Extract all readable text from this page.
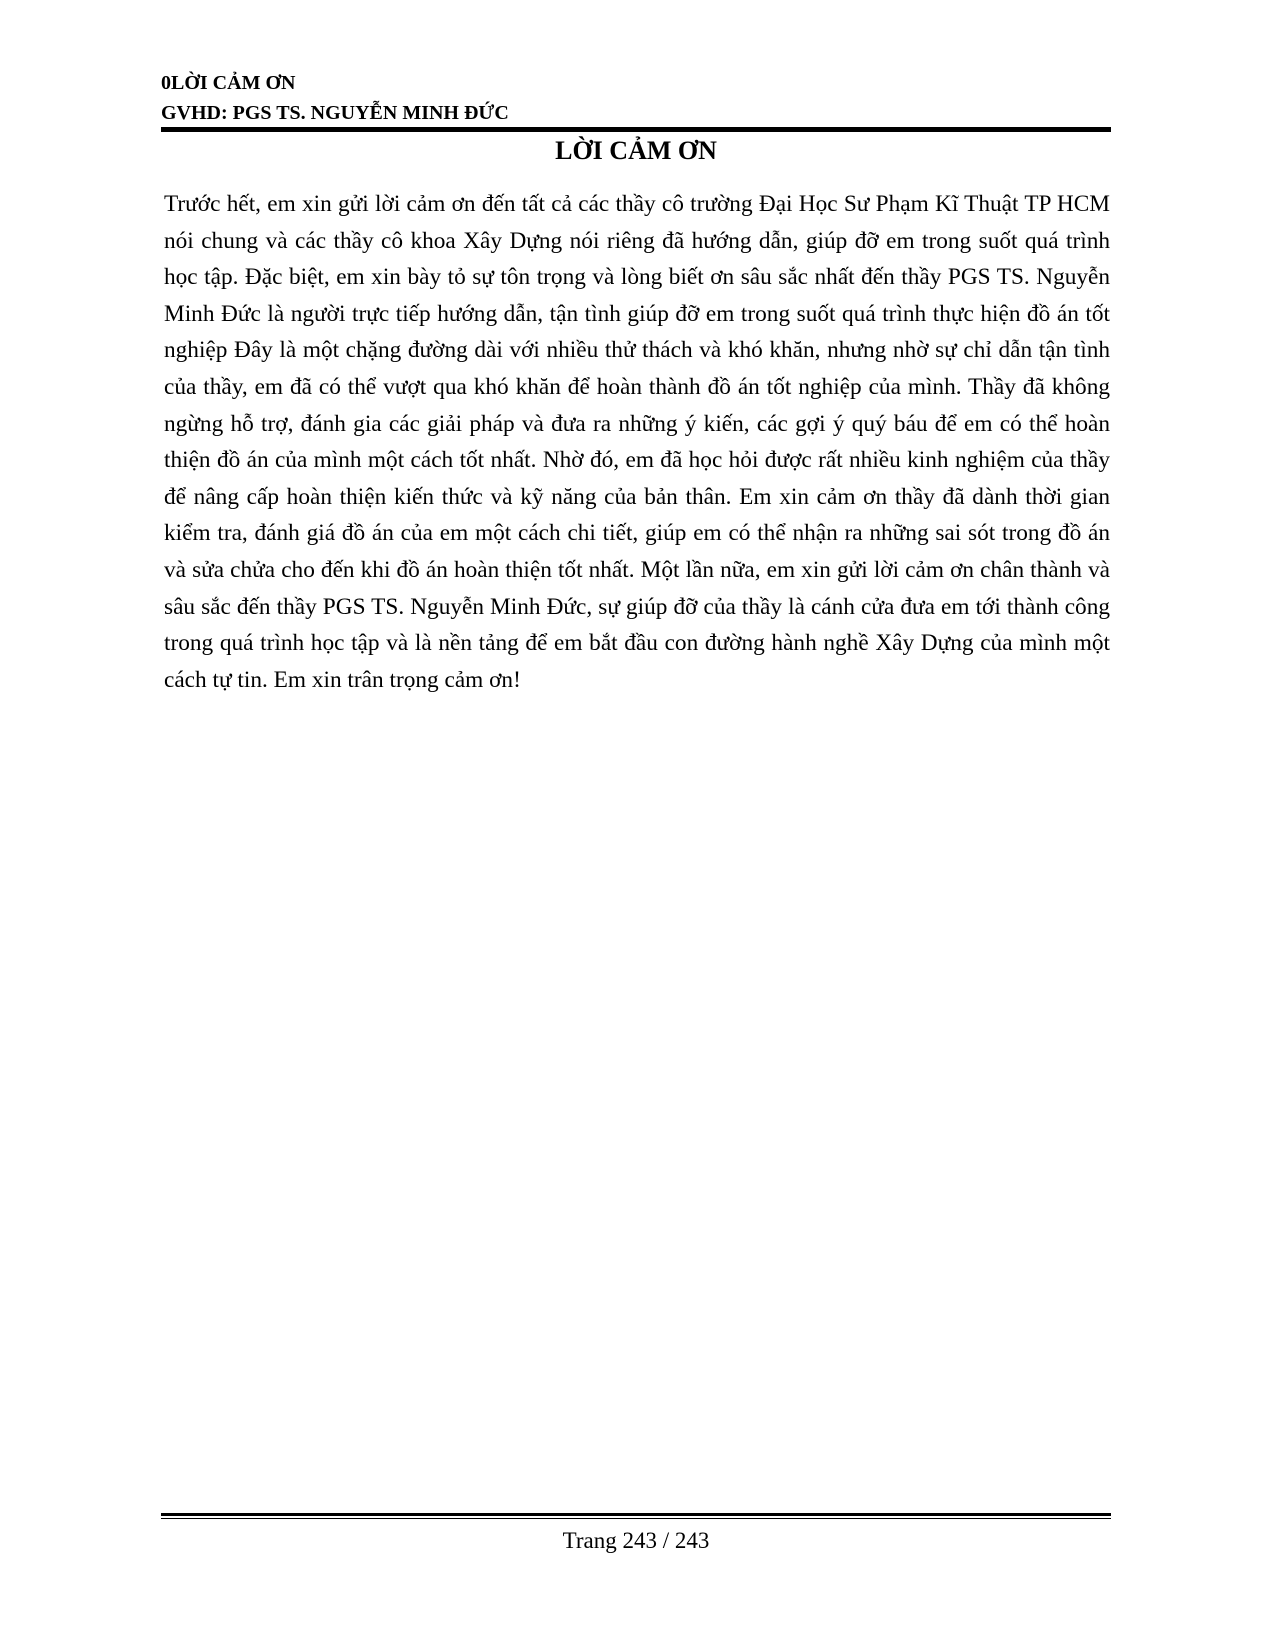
0LỜI CẢM ƠN
GVHD: PGS TS. NGUYỄN MINH ĐỨC
LỜI CẢM ƠN

Trước hết, em xin gửi lời cảm ơn đến tất cả các thầy cô trường Đại Học Sư Phạm Kĩ Thuật TP HCM nói chung và các thầy cô khoa Xây Dựng nói riêng đã hướng dẫn, giúp đỡ em trong suốt quá trình học tập. Đặc biệt, em xin bày tỏ sự tôn trọng và lòng biết ơn sâu sắc nhất đến thầy PGS TS. Nguyễn Minh Đức là người trực tiếp hướng dẫn, tận tình giúp đỡ em trong suốt quá trình thực hiện đồ án tốt nghiệp Đây là một chặng đường dài với nhiều thử thách và khó khăn, nhưng nhờ sự chỉ dẫn tận tình của thầy, em đã có thể vượt qua khó khăn để hoàn thành đồ án tốt nghiệp của mình. Thầy đã không ngừng hỗ trợ, đánh gia các giải pháp và đưa ra những ý kiến, các gợi ý quý báu để em có thể hoàn thiện đồ án của mình một cách tốt nhất. Nhờ đó, em đã học hỏi được rất nhiều kinh nghiệm của thầy để nâng cấp hoàn thiện kiến thức và kỹ năng của bản thân. Em xin cảm ơn thầy đã dành thời gian kiểm tra, đánh giá đồ án của em một cách chi tiết, giúp em có thể nhận ra những sai sót trong đồ án và sửa chửa cho đến khi đồ án hoàn thiện tốt nhất. Một lần nữa, em xin gửi lời cảm ơn chân thành và sâu sắc đến thầy PGS TS. Nguyễn Minh Đức, sự giúp đỡ của thầy là cánh cửa đưa em tới thành công trong quá trình học tập và là nền tảng để em bắt đầu con đường hành nghề Xây Dựng của mình một cách tự tin. Em xin trân trọng cảm ơn!

Trang 243 / 243
